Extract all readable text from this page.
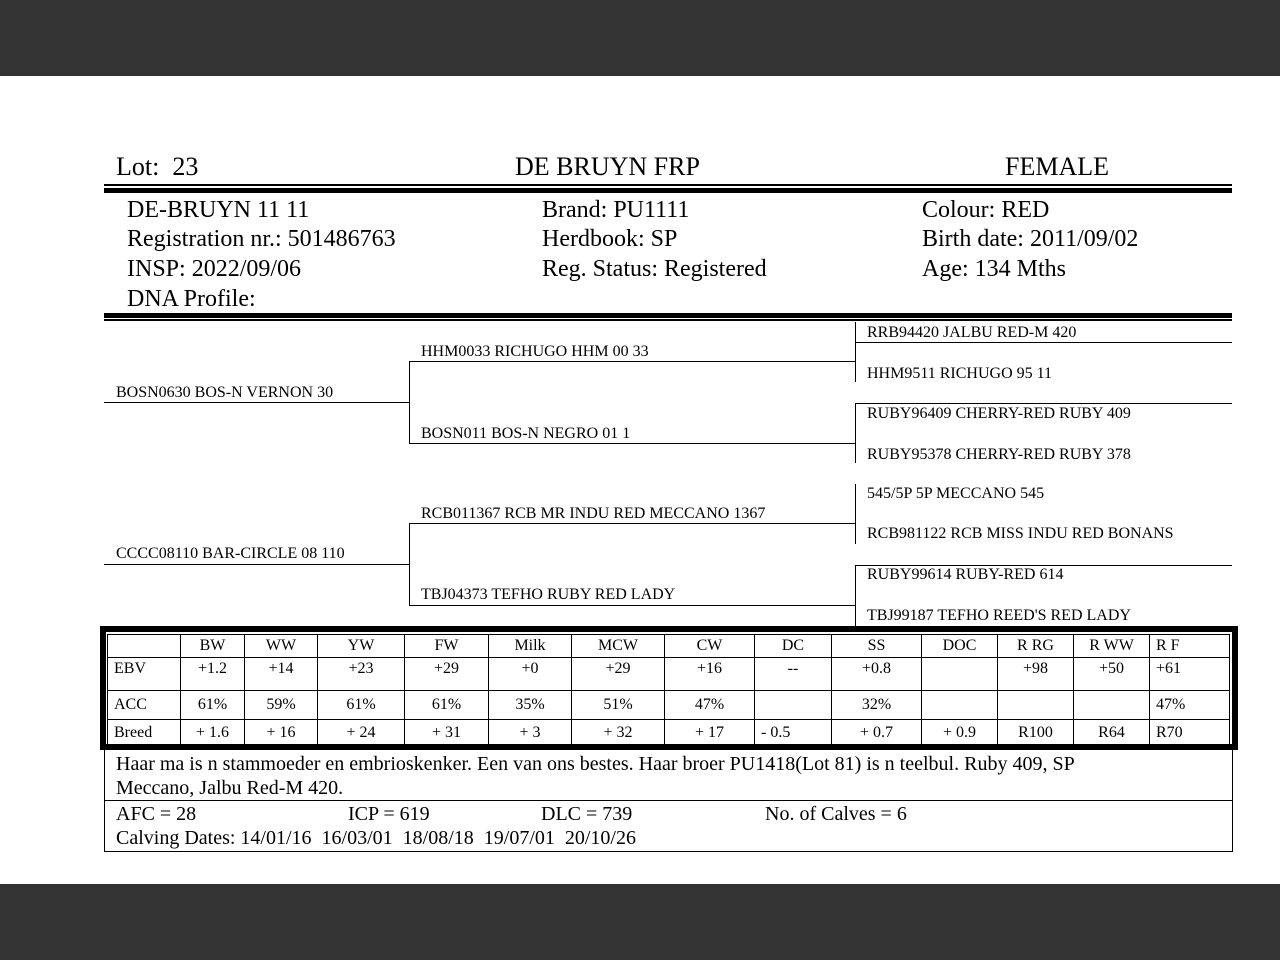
Lot: 23	DE BRUYN FRP	FEMALE
DE-BRUYN 11 11
Registration nr.: 501486763
INSP: 2022/09/06
DNA Profile:
Brand: PU1111
Herdbook: SP
Reg. Status: Registered
Colour: RED
Birth date: 2011/09/02
Age: 134 Mths
BOSN0630 BOS-N VERNON 30
CCCC08110 BAR-CIRCLE 08 110
HHM0033 RICHUGO HHM 00 33
BOSN011 BOS-N NEGRO 01 1
RCB011367 RCB MR INDU RED MECCANO 1367
TBJ04373 TEFHO RUBY RED LADY
RRB94420 JALBU RED-M 420
HHM9511 RICHUGO 95 11
RUBY96409 CHERRY-RED RUBY 409
RUBY95378 CHERRY-RED RUBY 378
545/5P 5P MECCANO 545
RCB981122 RCB MISS INDU RED BONANS
RUBY99614 RUBY-RED 614
TBJ99187 TEFHO REED'S RED LADY
	BW	WW	YW	FW	Milk	MCW	CW	DC	SS	DOC	R RG	R WW	R F
EBV	+1.2	+14	+23	+29	+0	+29	+16	--	+0.8		+98	+50	+61
ACC	61%	59%	61%	61%	35%	51%	47%		32%				47%
Breed	+ 1.6	+ 16	+ 24	+ 31	+ 3	+ 32	+ 17	- 0.5	+ 0.7	+ 0.9	R100	R64	R70
Haar ma is n stammoeder en embrioskenker. Een van ons bestes. Haar broer PU1418(Lot 81) is n teelbul. Ruby 409, SP
Meccano, Jalbu Red-M 420.
AFC = 28	ICP = 619	DLC = 739	No. of Calves = 6
Calving Dates: 14/01/16  16/03/01  18/08/18  19/07/01  20/10/26
